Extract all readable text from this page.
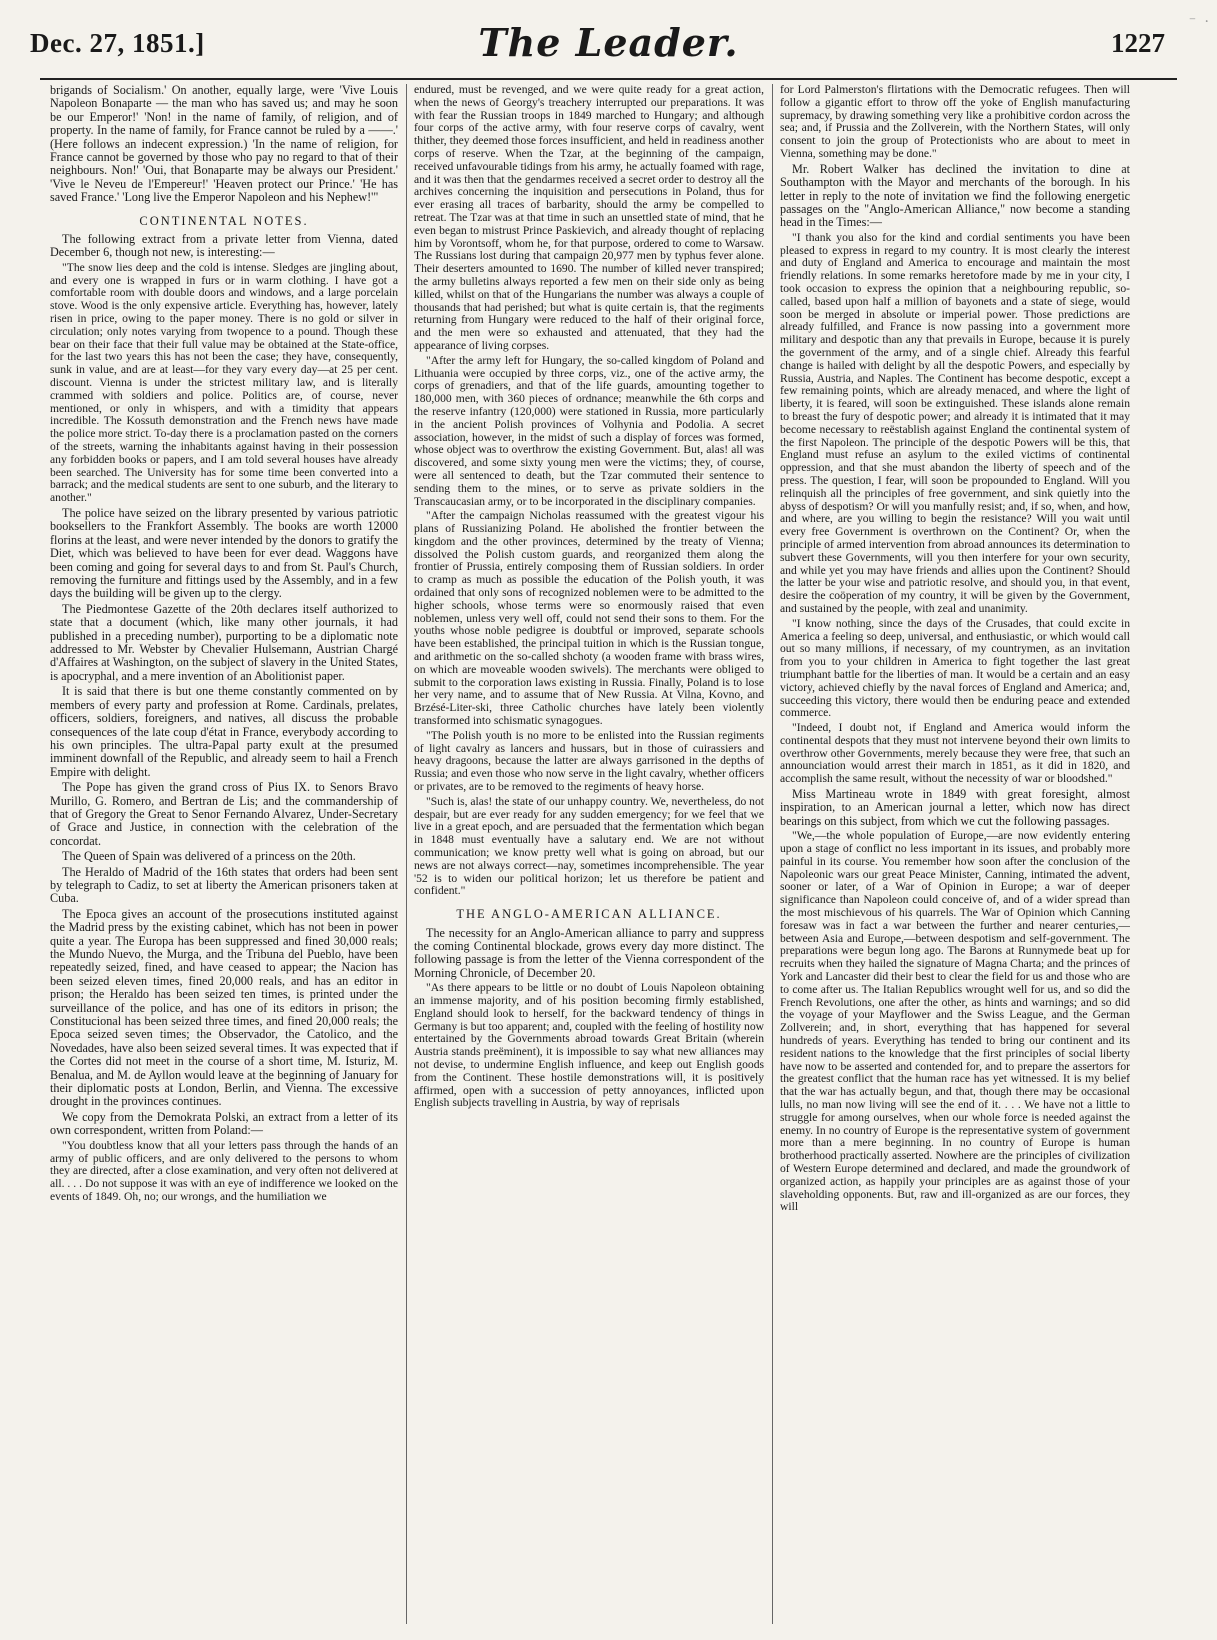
Dec. 27, 1851.]	The Leader.	1227
⁻ ·

brigands of Socialism.' On another, equally large, were 'Vive Louis Napoleon Bonaparte — the man who has saved us; and may he soon be our Emperor!' 'Non! in the name of family, of religion, and of property. In the name of family, for France cannot be ruled by a ——.' (Here follows an indecent expression.) 'In the name of religion, for France cannot be governed by those who pay no regard to that of their neighbours. Non!' 'Oui, that Bonaparte may be always our President.' 'Vive le Neveu de l'Empereur!' 'Heaven protect our Prince.' 'He has saved France.' 'Long live the Emperor Napoleon and his Nephew!'"

CONTINENTAL NOTES.

The following extract from a private letter from Vienna, dated December 6, though not new, is interesting:—

"The snow lies deep and the cold is intense. Sledges are jingling about, and every one is wrapped in furs or in warm clothing. I have got a comfortable room with double doors and windows, and a large porcelain stove. Wood is the only expensive article. Everything has, however, lately risen in price, owing to the paper money. There is no gold or silver in circulation; only notes varying from twopence to a pound. Though these bear on their face that their full value may be obtained at the State-office, for the last two years this has not been the case; they have, consequently, sunk in value, and are at least—for they vary every day—at 25 per cent. discount. Vienna is under the strictest military law, and is literally crammed with soldiers and police. Politics are, of course, never mentioned, or only in whispers, and with a timidity that appears incredible. The Kossuth demonstration and the French news have made the police more strict. To-day there is a proclamation pasted on the corners of the streets, warning the inhabitants against having in their possession any forbidden books or papers, and I am told several houses have already been searched. The University has for some time been converted into a barrack; and the medical students are sent to one suburb, and the literary to another."

The police have seized on the library presented by various patriotic booksellers to the Frankfort Assembly. The books are worth 12000 florins at the least, and were never intended by the donors to gratify the Diet, which was believed to have been for ever dead. Waggons have been coming and going for several days to and from St. Paul's Church, removing the furniture and fittings used by the Assembly, and in a few days the building will be given up to the clergy.

The Piedmontese Gazette of the 20th declares itself authorized to state that a document (which, like many other journals, it had published in a preceding number), purporting to be a diplomatic note addressed to Mr. Webster by Chevalier Hulsemann, Austrian Chargé d'Affaires at Washington, on the subject of slavery in the United States, is apocryphal, and a mere invention of an Abolitionist paper.

It is said that there is but one theme constantly commented on by members of every party and profession at Rome. Cardinals, prelates, officers, soldiers, foreigners, and natives, all discuss the probable consequences of the late coup d'état in France, everybody according to his own principles. The ultra-Papal party exult at the presumed imminent downfall of the Republic, and already seem to hail a French Empire with delight.

The Pope has given the grand cross of Pius IX. to Senors Bravo Murillo, G. Romero, and Bertran de Lis; and the commandership of that of Gregory the Great to Senor Fernando Alvarez, Under-Secretary of Grace and Justice, in connection with the celebration of the concordat.

The Queen of Spain was delivered of a princess on the 20th.

The Heraldo of Madrid of the 16th states that orders had been sent by telegraph to Cadiz, to set at liberty the American prisoners taken at Cuba.

The Epoca gives an account of the prosecutions instituted against the Madrid press by the existing cabinet, which has not been in power quite a year. The Europa has been suppressed and fined 30,000 reals; the Mundo Nuevo, the Murga, and the Tribuna del Pueblo, have been repeatedly seized, fined, and have ceased to appear; the Nacion has been seized eleven times, fined 20,000 reals, and has an editor in prison; the Heraldo has been seized ten times, is printed under the surveillance of the police, and has one of its editors in prison; the Constitucional has been seized three times, and fined 20,000 reals; the Epoca seized seven times; the Observador, the Catolico, and the Novedades, have also been seized several times. It was expected that if the Cortes did not meet in the course of a short time, M. Isturiz, M. Benalua, and M. de Ayllon would leave at the beginning of January for their diplomatic posts at London, Berlin, and Vienna. The excessive drought in the provinces continues.

We copy from the Demokrata Polski, an extract from a letter of its own correspondent, written from Poland:—

"You doubtless know that all your letters pass through the hands of an army of public officers, and are only delivered to the persons to whom they are directed, after a close examination, and very often not delivered at all. . . . Do not suppose it was with an eye of indifference we looked on the events of 1849. Oh, no; our wrongs, and the humiliation we

endured, must be revenged, and we were quite ready for a great action, when the news of Georgy's treachery interrupted our preparations. It was with fear the Russian troops in 1849 marched to Hungary; and although four corps of the active army, with four reserve corps of cavalry, went thither, they deemed those forces insufficient, and held in readiness another corps of reserve. When the Tzar, at the beginning of the campaign, received unfavourable tidings from his army, he actually foamed with rage, and it was then that the gendarmes received a secret order to destroy all the archives concerning the inquisition and persecutions in Poland, thus for ever erasing all traces of barbarity, should the army be compelled to retreat. The Tzar was at that time in such an unsettled state of mind, that he even began to mistrust Prince Paskievich, and already thought of replacing him by Vorontsoff, whom he, for that purpose, ordered to come to Warsaw. The Russians lost during that campaign 20,977 men by typhus fever alone. Their deserters amounted to 1690. The number of killed never transpired; the army bulletins always reported a few men on their side only as being killed, whilst on that of the Hungarians the number was always a couple of thousands that had perished; but what is quite certain is, that the regiments returning from Hungary were reduced to the half of their original force, and the men were so exhausted and attenuated, that they had the appearance of living corpses.

"After the army left for Hungary, the so-called kingdom of Poland and Lithuania were occupied by three corps, viz., one of the active army, the corps of grenadiers, and that of the life guards, amounting together to 180,000 men, with 360 pieces of ordnance; meanwhile the 6th corps and the reserve infantry (120,000) were stationed in Russia, more particularly in the ancient Polish provinces of Volhynia and Podolia. A secret association, however, in the midst of such a display of forces was formed, whose object was to overthrow the existing Government. But, alas! all was discovered, and some sixty young men were the victims; they, of course, were all sentenced to death, but the Tzar commuted their sentence to sending them to the mines, or to serve as private soldiers in the Transcaucasian army, or to be incorporated in the disciplinary companies.

"After the campaign Nicholas reassumed with the greatest vigour his plans of Russianizing Poland. He abolished the frontier between the kingdom and the other provinces, determined by the treaty of Vienna; dissolved the Polish custom guards, and reorganized them along the frontier of Prussia, entirely composing them of Russian soldiers. In order to cramp as much as possible the education of the Polish youth, it was ordained that only sons of recognized noblemen were to be admitted to the higher schools, whose terms were so enormously raised that even noblemen, unless very well off, could not send their sons to them. For the youths whose noble pedigree is doubtful or improved, separate schools have been established, the principal tuition in which is the Russian tongue, and arithmetic on the so-called shchoty (a wooden frame with brass wires, on which are moveable wooden swivels). The merchants were obliged to submit to the corporation laws existing in Russia. Finally, Poland is to lose her very name, and to assume that of New Russia. At Vilna, Kovno, and Brzésé-Liter-ski, three Catholic churches have lately been violently transformed into schismatic synagogues.

"The Polish youth is no more to be enlisted into the Russian regiments of light cavalry as lancers and hussars, but in those of cuirassiers and heavy dragoons, because the latter are always garrisoned in the depths of Russia; and even those who now serve in the light cavalry, whether officers or privates, are to be removed to the regiments of heavy horse.

"Such is, alas! the state of our unhappy country. We, nevertheless, do not despair, but are ever ready for any sudden emergency; for we feel that we live in a great epoch, and are persuaded that the fermentation which began in 1848 must eventually have a salutary end. We are not without communication; we know pretty well what is going on abroad, but our news are not always correct—nay, sometimes incomprehensible. The year '52 is to widen our political horizon; let us therefore be patient and confident."

THE ANGLO-AMERICAN ALLIANCE.

The necessity for an Anglo-American alliance to parry and suppress the coming Continental blockade, grows every day more distinct. The following passage is from the letter of the Vienna correspondent of the Morning Chronicle, of December 20.

"As there appears to be little or no doubt of Louis Napoleon obtaining an immense majority, and of his position becoming firmly established, England should look to herself, for the backward tendency of things in Germany is but too apparent; and, coupled with the feeling of hostility now entertained by the Governments abroad towards Great Britain (wherein Austria stands preëminent), it is impossible to say what new alliances may not devise, to undermine English influence, and keep out English goods from the Continent. These hostile demonstrations will, it is positively affirmed, open with a succession of petty annoyances, inflicted upon English subjects travelling in Austria, by way of reprisals

for Lord Palmerston's flirtations with the Democratic refugees. Then will follow a gigantic effort to throw off the yoke of English manufacturing supremacy, by drawing something very like a prohibitive cordon across the sea; and, if Prussia and the Zollverein, with the Northern States, will only consent to join the group of Protectionists who are about to meet in Vienna, something may be done."

Mr. Robert Walker has declined the invitation to dine at Southampton with the Mayor and merchants of the borough. In his letter in reply to the note of invitation we find the following energetic passages on the "Anglo-American Alliance," now become a standing head in the Times:—

"I thank you also for the kind and cordial sentiments you have been pleased to express in regard to my country. It is most clearly the interest and duty of England and America to encourage and maintain the most friendly relations. In some remarks heretofore made by me in your city, I took occasion to express the opinion that a neighbouring republic, so-called, based upon half a million of bayonets and a state of siege, would soon be merged in absolute or imperial power. Those predictions are already fulfilled, and France is now passing into a government more military and despotic than any that prevails in Europe, because it is purely the government of the army, and of a single chief. Already this fearful change is hailed with delight by all the despotic Powers, and especially by Russia, Austria, and Naples. The Continent has become despotic, except a few remaining points, which are already menaced, and where the light of liberty, it is feared, will soon be extinguished. These islands alone remain to breast the fury of despotic power; and already it is intimated that it may become necessary to reëstablish against England the continental system of the first Napoleon. The principle of the despotic Powers will be this, that England must refuse an asylum to the exiled victims of continental oppression, and that she must abandon the liberty of speech and of the press. The question, I fear, will soon be propounded to England. Will you relinquish all the principles of free government, and sink quietly into the abyss of despotism? Or will you manfully resist; and, if so, when, and how, and where, are you willing to begin the resistance? Will you wait until every free Government is overthrown on the Continent? Or, when the principle of armed intervention from abroad announces its determination to subvert these Governments, will you then interfere for your own security, and while yet you may have friends and allies upon the Continent? Should the latter be your wise and patriotic resolve, and should you, in that event, desire the coöperation of my country, it will be given by the Government, and sustained by the people, with zeal and unanimity.

"I know nothing, since the days of the Crusades, that could excite in America a feeling so deep, universal, and enthusiastic, or which would call out so many millions, if necessary, of my countrymen, as an invitation from you to your children in America to fight together the last great triumphant battle for the liberties of man. It would be a certain and an easy victory, achieved chiefly by the naval forces of England and America; and, succeeding this victory, there would then be enduring peace and extended commerce.

"Indeed, I doubt not, if England and America would inform the continental despots that they must not intervene beyond their own limits to overthrow other Governments, merely because they were free, that such an announciation would arrest their march in 1851, as it did in 1820, and accomplish the same result, without the necessity of war or bloodshed."

Miss Martineau wrote in 1849 with great foresight, almost inspiration, to an American journal a letter, which now has direct bearings on this subject, from which we cut the following passages.

"We,—the whole population of Europe,—are now evidently entering upon a stage of conflict no less important in its issues, and probably more painful in its course. You remember how soon after the conclusion of the Napoleonic wars our great Peace Minister, Canning, intimated the advent, sooner or later, of a War of Opinion in Europe; a war of deeper significance than Napoleon could conceive of, and of a wider spread than the most mischievous of his quarrels. The War of Opinion which Canning foresaw was in fact a war between the further and nearer centuries,—between Asia and Europe,—between despotism and self-government. The preparations were begun long ago. The Barons at Runnymede beat up for recruits when they hailed the signature of Magna Charta; and the princes of York and Lancaster did their best to clear the field for us and those who are to come after us. The Italian Republics wrought well for us, and so did the French Revolutions, one after the other, as hints and warnings; and so did the voyage of your Mayflower and the Swiss League, and the German Zollverein; and, in short, everything that has happened for several hundreds of years. Everything has tended to bring our continent and its resident nations to the knowledge that the first principles of social liberty have now to be asserted and contended for, and to prepare the assertors for the greatest conflict that the human race has yet witnessed. It is my belief that the war has actually begun, and that, though there may be occasional lulls, no man now living will see the end of it. . . . We have not a little to struggle for among ourselves, when our whole force is needed against the enemy. In no country of Europe is the representative system of government more than a mere beginning. In no country of Europe is human brotherhood practically asserted. Nowhere are the principles of civilization of Western Europe determined and declared, and made the groundwork of organized action, as happily your principles are as against those of your slaveholding opponents. But, raw and ill-organized as are our forces, they will
